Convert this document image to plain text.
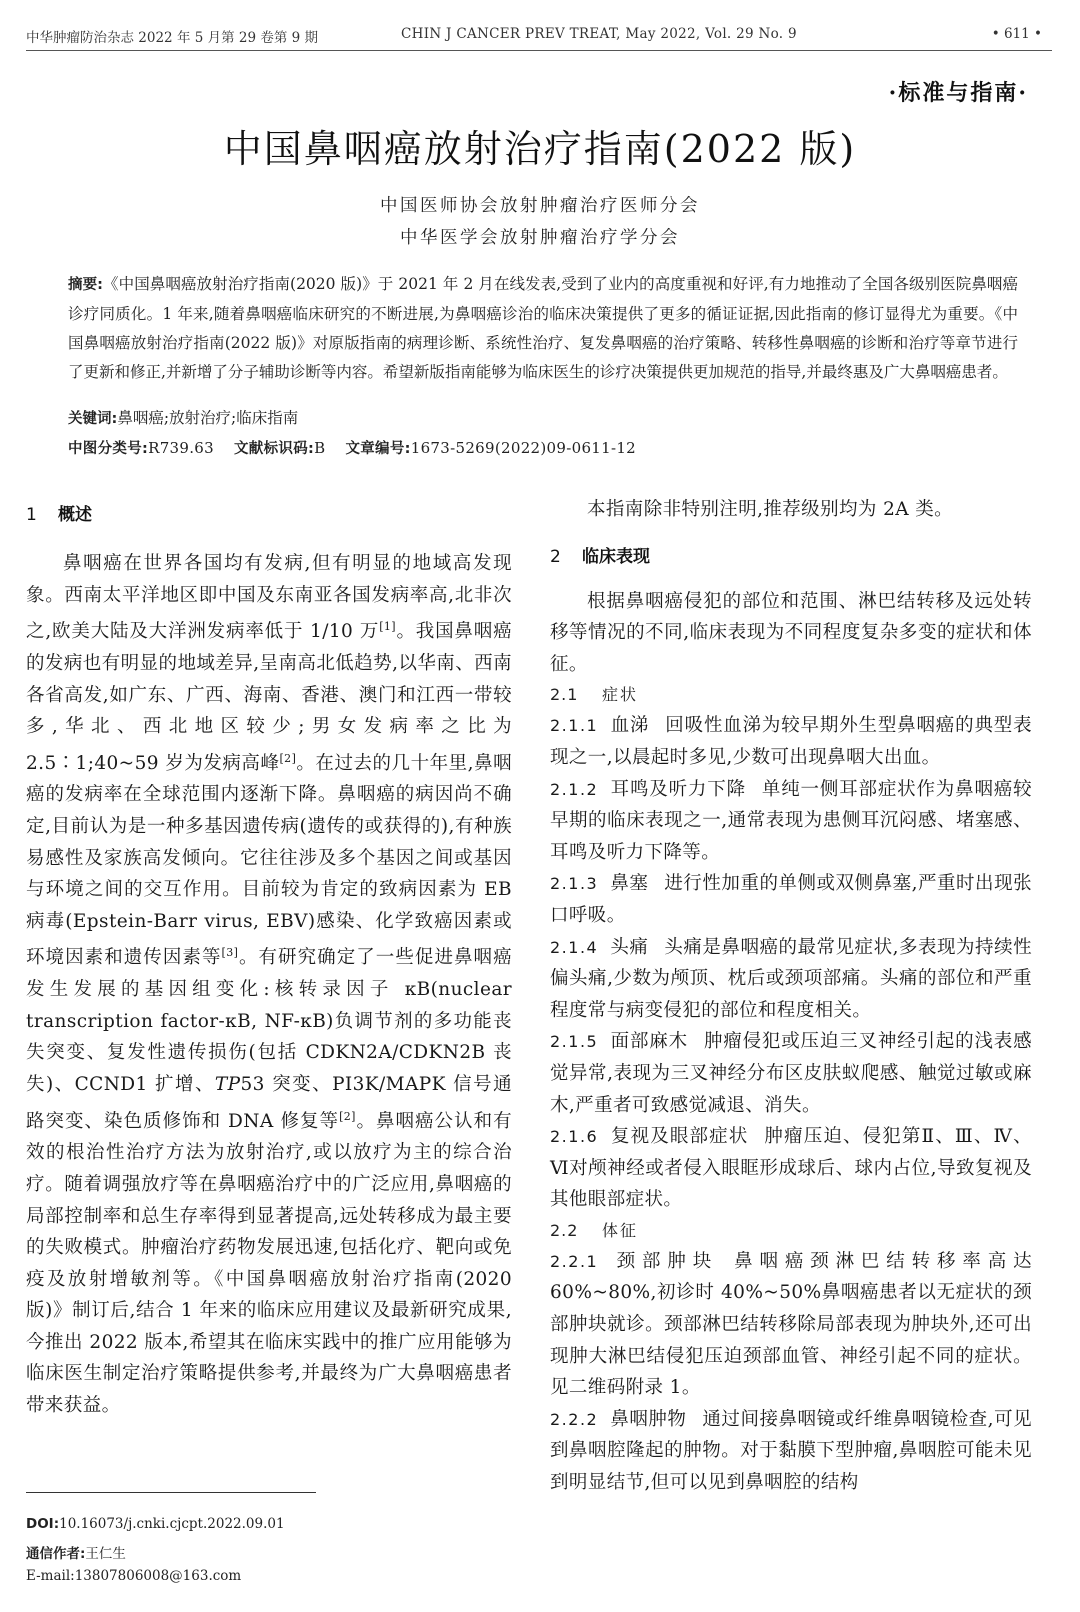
中华肿瘤防治杂志 2022 年 5 月第 29 卷第 9 期	CHIN J CANCER PREV TREAT, May 2022, Vol. 29 No. 9	• 611 •
·标准与指南·
中国鼻咽癌放射治疗指南(2022 版)
中国医师协会放射肿瘤治疗医师分会
中华医学会放射肿瘤治疗学分会
摘要:《中国鼻咽癌放射治疗指南(2020 版)》于 2021 年 2 月在线发表,受到了业内的高度重视和好评,有力地推动了全国各级别医院鼻咽癌诊疗同质化。1 年来,随着鼻咽癌临床研究的不断进展,为鼻咽癌诊治的临床决策提供了更多的循证证据,因此指南的修订显得尤为重要。《中国鼻咽癌放射治疗指南(2022 版)》对原版指南的病理诊断、系统性治疗、复发鼻咽癌的治疗策略、转移性鼻咽癌的诊断和治疗等章节进行了更新和修正,并新增了分子辅助诊断等内容。希望新版指南能够为临床医生的诊疗决策提供更加规范的指导,并最终惠及广大鼻咽癌患者。
关键词:鼻咽癌;放射治疗;临床指南
中图分类号:R739.63 文献标识码:B 文章编号:1673-5269(2022)09-0611-12
1 概述

鼻咽癌在世界各国均有发病,但有明显的地域高发现象。西南太平洋地区即中国及东南亚各国发病率高,北非次之,欧美大陆及大洋洲发病率低于 1/10 万[1]。我国鼻咽癌的发病也有明显的地域差异,呈南高北低趋势,以华南、西南各省高发,如广东、广西、海南、香港、澳门和江西一带较多,华北、西北地区较少;男女发病率之比为 2.5∶1;40~59 岁为发病高峰[2]。在过去的几十年里,鼻咽癌的发病率在全球范围内逐渐下降。鼻咽癌的病因尚不确定,目前认为是一种多基因遗传病(遗传的或获得的),有种族易感性及家族高发倾向。它往往涉及多个基因之间或基因与环境之间的交互作用。目前较为肯定的致病因素为 EB 病毒(Epstein-Barr virus, EBV)感染、化学致癌因素或环境因素和遗传因素等[3]。有研究确定了一些促进鼻咽癌发生发展的基因组变化:核转录因子 κB(nuclear transcription factor-κB, NF-κB)负调节剂的多功能丧失突变、复发性遗传损伤(包括 CDKN2A/CDKN2B 丧失)、CCND1 扩增、TP53 突变、PI3K/MAPK 信号通路突变、染色质修饰和 DNA 修复等[2]。鼻咽癌公认和有效的根治性治疗方法为放射治疗,或以放疗为主的综合治疗。随着调强放疗等在鼻咽癌治疗中的广泛应用,鼻咽癌的局部控制率和总生存率得到显著提高,远处转移成为最主要的失败模式。肿瘤治疗药物发展迅速,包括化疗、靶向或免疫及放射增敏剂等。《中国鼻咽癌放射治疗指南(2020 版)》制订后,结合 1 年来的临床应用建议及最新研究成果,今推出 2022 版本,希望其在临床实践中的推广应用能够为临床医生制定治疗策略提供参考,并最终为广大鼻咽癌患者带来获益。

本指南除非特别注明,推荐级别均为 2A 类。

2 临床表现

根据鼻咽癌侵犯的部位和范围、淋巴结转移及远处转移等情况的不同,临床表现为不同程度复杂多变的症状和体征。

2.1 症状

2.1.1 血涕 回吸性血涕为较早期外生型鼻咽癌的典型表现之一,以晨起时多见,少数可出现鼻咽大出血。

2.1.2 耳鸣及听力下降 单纯一侧耳部症状作为鼻咽癌较早期的临床表现之一,通常表现为患侧耳沉闷感、堵塞感、耳鸣及听力下降等。

2.1.3 鼻塞 进行性加重的单侧或双侧鼻塞,严重时出现张口呼吸。

2.1.4 头痛 头痛是鼻咽癌的最常见症状,多表现为持续性偏头痛,少数为颅顶、枕后或颈项部痛。头痛的部位和严重程度常与病变侵犯的部位和程度相关。

2.1.5 面部麻木 肿瘤侵犯或压迫三叉神经引起的浅表感觉异常,表现为三叉神经分布区皮肤蚁爬感、触觉过敏或麻木,严重者可致感觉减退、消失。

2.1.6 复视及眼部症状 肿瘤压迫、侵犯第Ⅱ、Ⅲ、Ⅳ、Ⅵ对颅神经或者侵入眼眶形成球后、球内占位,导致复视及其他眼部症状。

2.2 体征

2.2.1 颈部肿块 鼻咽癌颈淋巴结转移率高达 60%~80%,初诊时 40%~50%鼻咽癌患者以无症状的颈部肿块就诊。颈部淋巴结转移除局部表现为肿块外,还可出现肿大淋巴结侵犯压迫颈部血管、神经引起不同的症状。见二维码附录 1。

2.2.2 鼻咽肿物 通过间接鼻咽镜或纤维鼻咽镜检查,可见到鼻咽腔隆起的肿物。对于黏膜下型肿瘤,鼻咽腔可能未见到明显结节,但可以见到鼻咽腔的结构

DOI:10.16073/j.cnki.cjcpt.2022.09.01
通信作者:王仁生
E-mail:13807806008@163.com
